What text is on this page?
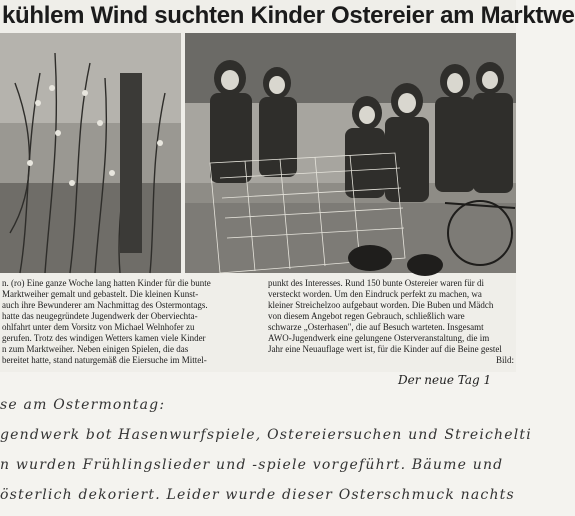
kühlem Wind suchten Kinder Ostereier am Marktwe

n. (ro) Eine ganze Woche lang hatten Kinder für die bunte

Marktweiher gemalt und gebastelt. Die kleinen Kunst-

auch ihre Bewunderer am Nachmittag des Ostermontags.

hatte das neugegründete Jugendwerk der Oberviechta-

ohlfahrt unter dem Vorsitz von Michael Welnhofer zu

gerufen. Trotz des windigen Wetters kamen viele Kinder

n zum Marktweiher. Neben einigen Spielen, die das

bereitet hatte, stand naturgemäß die Eiersuche im Mittel-

punkt des Interesses. Rund 150 bunte Ostereier waren für di

versteckt worden. Um den Eindruck perfekt zu machen, wa

kleiner Streichelzoo aufgebaut worden. Die Buben und Mädch

von diesem Angebot regen Gebrauch, schließlich ware

schwarze „Osterhasen", die auf Besuch warteten. Insgesamt

AWO-Jugendwerk eine gelungene Osterveranstaltung, die im

Jahr eine Neuauflage wert ist, für die Kinder auf die Beine gestel

Bild:
Der neue Tag 1

se am Ostermontag:

gendwerk bot Hasenwurfspiele, Ostereiersuchen und Streichelti

n wurden Frühlingslieder und -spiele vorgeführt. Bäume und

österlich dekoriert. Leider wurde dieser Osterschmuck nachts
